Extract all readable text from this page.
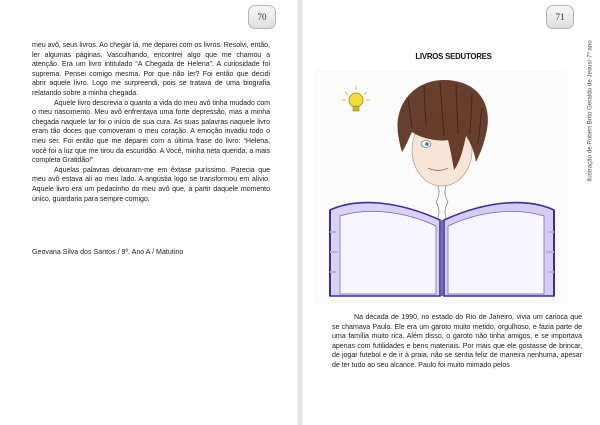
70

meu avô, seus livros. Ao chegar lá, me deparei com os livros. Resolvi, então, ler algumas páginas. Vasculhando, encontrei algo que me chamou a atenção. Era um livro intitulado “A Chegada de Helena”. A curiosidade foi suprema. Pensei comigo mesma. Por que não ler? Foi então que decidi abrir aquele livro. Logo me surpreendi, pois se tratava de uma biografia relatando sobre a minha chegada.

Aquele livro descrevia o quanto a vida do meu avô tinha mudado com o meu nascimento. Meu avô enfrentava uma forte depressão, mas a minha chegada naquele lar foi o início de sua cura. As suas palavras naquele livro eram tão doces que comoveram o meu coração. A emoção invadiu todo o meu ser. Foi então que me deparei com a última frase do livro: “Helena, você foi a luz que me tirou da escuridão. A Você, minha neta querida, a mais completa Gratidão!”

Aquelas palavras deixaram-me em êxtase puríssimo. Parecia que meu avô estava ali ao meu lado. A angústia logo se transformou em alívio. Aquele livro era um pedacinho do meu avô que, a partir daquele momento único, guardaria para sempre comigo.

Geovana Silva dos Santos / 9º. Ano A / Matutino
71
Ilustração de Robert Brito Geraldo de Jesus/ 7º ano
LIVROS SEDUTORES

Na década de 1990, no estado do Rio de Janeiro, vivia um carioca que se chamava Paulo. Ele era um garoto muito metido, orgulhoso, e fazia parte de uma família muito rica. Além disso, o garoto não tinha amigos, e se importava apenas com futilidades e bens materiais. Por mais que ele gostasse de brincar, de jogar futebol e de ir à praia, não se sentia feliz de maneira nenhuma, apesar de ter tudo ao seu alcance. Paulo foi muito mimado pelos
